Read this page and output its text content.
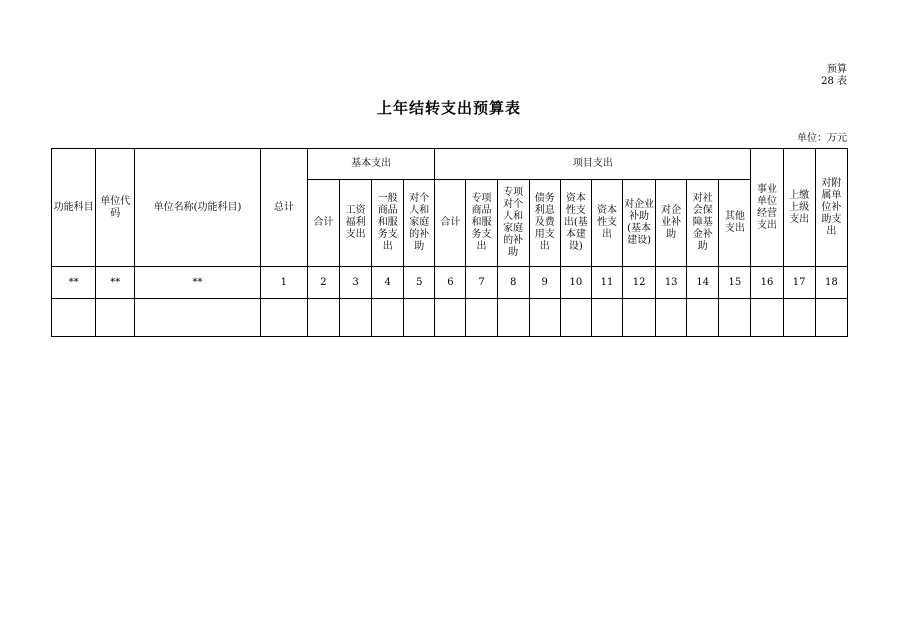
预算
28 表
上年结转支出预算表
单位：万元
功能科目	单位代码	单位名称(功能科目)	总计	基本支出				项目支出										事业单位经营支出	上缴上级支出	对附属单位补助支出
				合计	工资福利支出	一般商品和服务支出	对个人和家庭的补助	合计	专项商品和服务支出	专项对个人和家庭的补助	债务利息及费用支出	资本性支出(基本建设)	资本性支出	对企业补助(基本建设)	对企业补助	对社会保障基金补助	其他支出			
**	**	**	1	2	3	4	5	6	7	8	9	10	11	12	13	14	15	16	17	18
